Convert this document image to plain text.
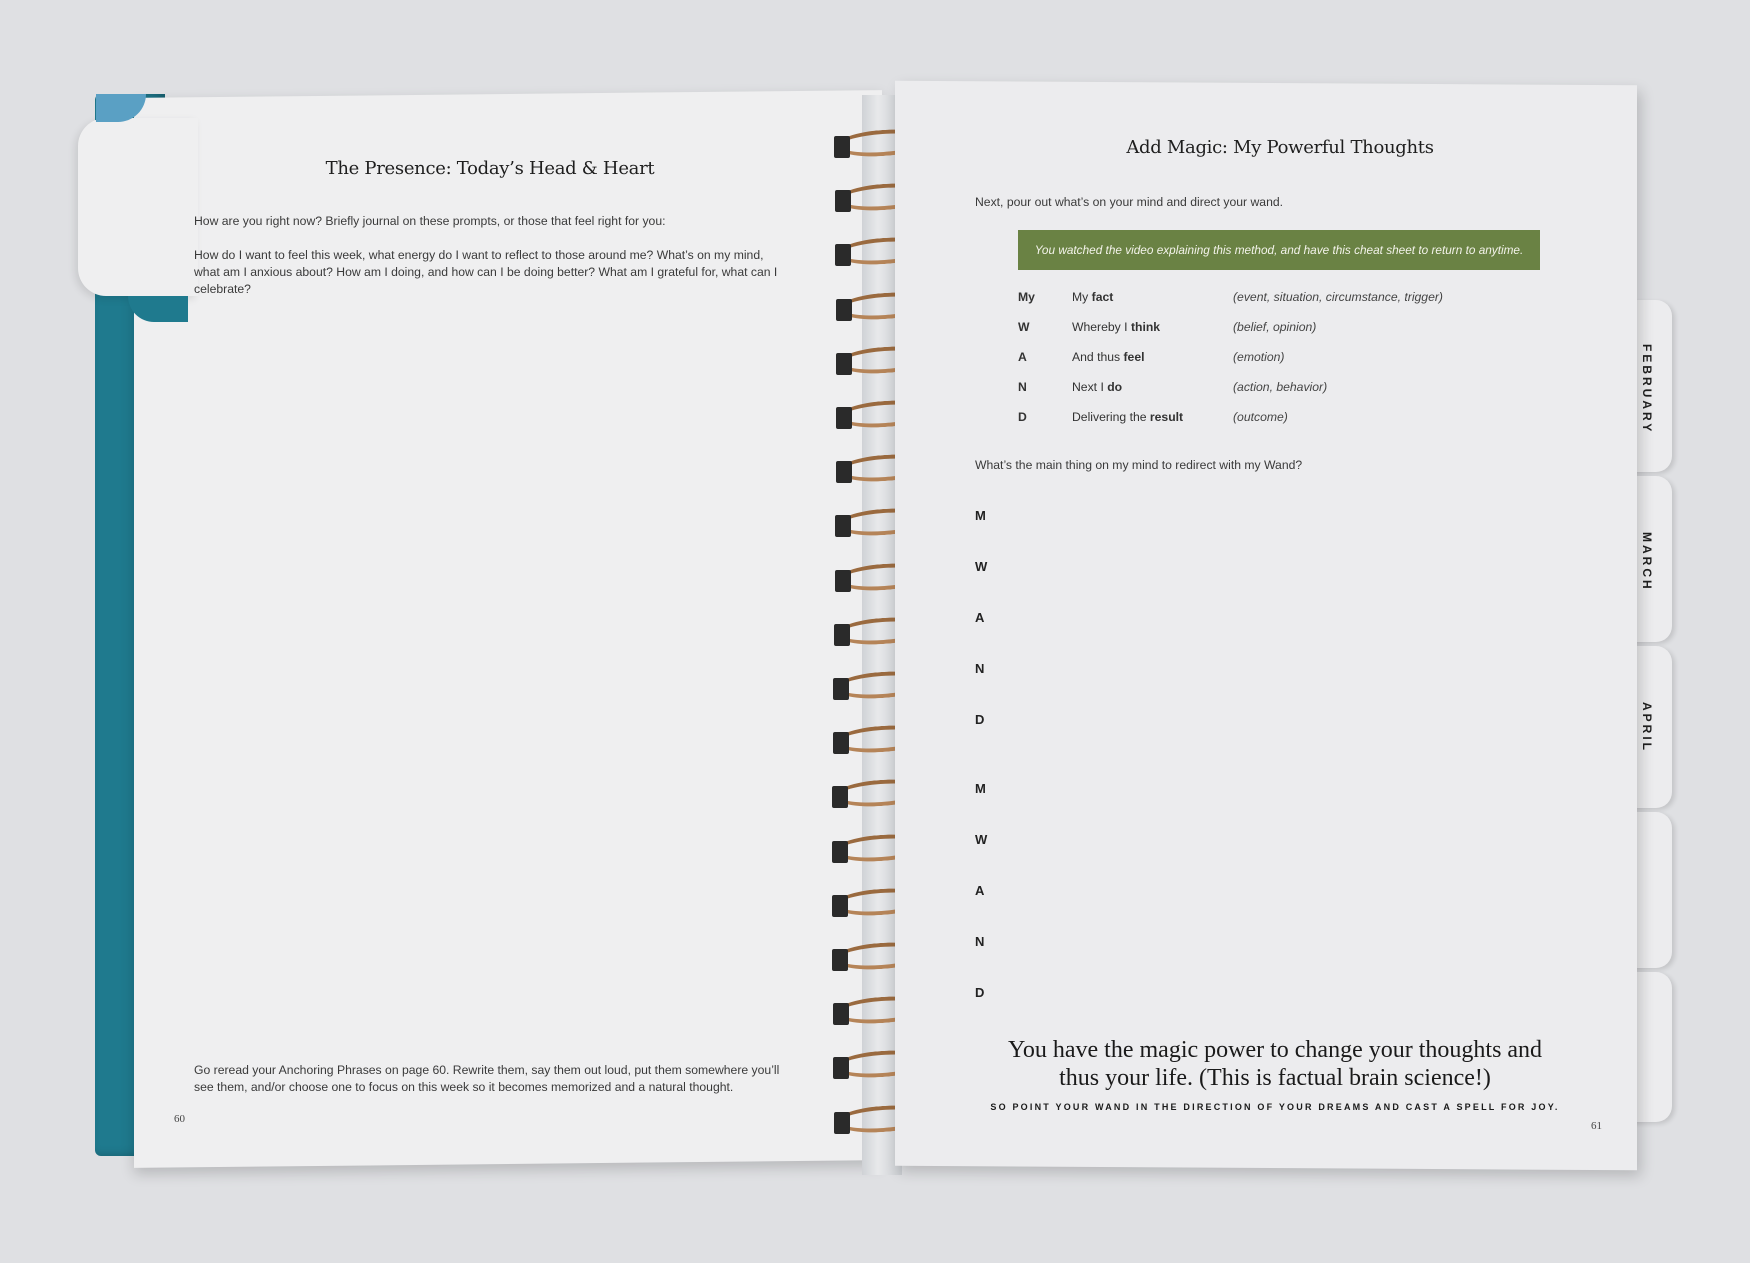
The Presence: Today’s Head & Heart
How are you right now? Briefly journal on these prompts, or those that feel right for you:
How do I want to feel this week, what energy do I want to reflect to those around me? What’s on my mind, what am I anxious about? How am I doing, and how can I be doing better? What am I grateful for, what can I celebrate?
Go reread your Anchoring Phrases on page 60. Rewrite them, say them out loud, put them somewhere you’ll see them, and/or choose one to focus on this week so it becomes memorized and a natural thought.
60
FEBRUARY
MARCH
APRIL
Add Magic: My Powerful Thoughts
Next, pour out what’s on your mind and direct your wand.
You watched the video explaining this method, and have this cheat sheet to return to anytime.
My	My fact	(event, situation, circumstance, trigger)
W	Whereby I think	(belief, opinion)
A	And thus feel	(emotion)
N	Next I do	(action, behavior)
D	Delivering the result	(outcome)
What’s the main thing on my mind to redirect with my Wand?
M
W
A
N
D
M
W
A
N
D
You have the magic power to change your thoughts and thus your life. (This is factual brain science!)
SO POINT YOUR WAND IN THE DIRECTION OF YOUR DREAMS AND CAST A SPELL FOR JOY.
61
